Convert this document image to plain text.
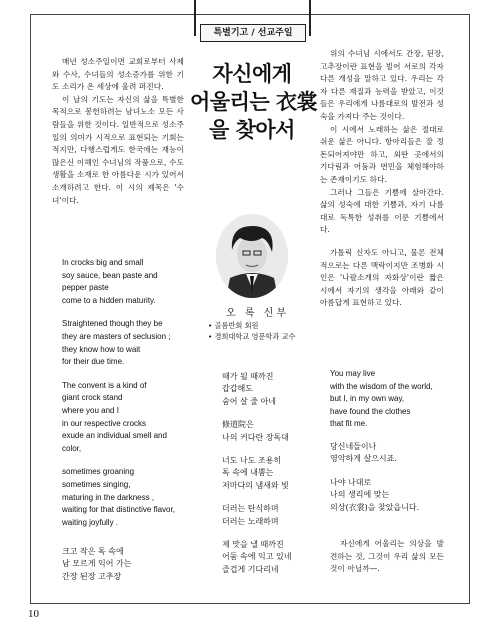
특별기고 / 선교주일
자신에게
어울리는 衣裳
을 찾아서
오 록 신부
• 골롬반회 회원
• 경희대학교 영문학과 교수

매년 성소주일이면 교회로부터 사제와 수사, 수녀들의 성소증가를 위한 기도 소리가 온 세상에 울려 퍼진다.

이 날의 기도는 자신의 삶을 특별한 목적으로 봉헌하려는 남녀노소 모든 사람들을 위한 것이다. 일반적으로 성소주일의 의미가 시적으로 표현되는 기회는 적지만, 다행스럽게도 한국에는 재능이 많은신 이해인 수녀님의 작품으로, 수도생활을 소재로 한 아름다운 시가 있어서 소개하려고 한다. 이 시의 제목은 '수녀'이다.

In crocks big and small
soy sauce, bean paste and
pepper paste
come to a hidden maturity.
Straightened though they be
they are masters of seclusion ;
they know how to wait
for their due time.
The convent is a kind of
giant crock stand
where you and I
in our respective crocks
exude an individual smell and
color,
sometimes groaning
sometimes singing,
maturing in the darkness ,
waiting for that distinctive flavor,
waiting joyfully .
크고 작은 독 속에
남 모르게 익어 가는
간장 된장 고추장
때가 될 때까진
갑갑해도
숨어 살 줄 아네
修道院은
나의 커다란 장독대
너도 나도 조용히
독 속에 내뿜는
저마다의 냄새와 빛
더러는 탄식하며
더러는 노래하며
제 맛을 낼 때까진
어둠 속에 익고 있네
즐겁게 기다리네

위의 수녀님 시에서도 간장, 된장, 고추장이란 표현을 빌어 서로의 각자 다른 개성을 말하고 있다. 우리는 각자 다른 재질과 능력을 받았고, 이것들은 우리에게 나름대로의 발전과 성숙을 가져다 주는 것이다.

이 시에서 노래하는 삶은 절대로 쉬운 삶은 아니다. 항아리들은 잘 정돈되어져야만 하고, 외딴 곳에서의 기다림과 어둠과 번민을 체험해야하는 존재이기도 하다.

그러나 그들은 기쁨에 살아간다. 삶의 성숙에 대한 기쁨과, 자기 나름대로 독특한 성취를 이룬 기쁨에서다.

가톨릭 신자도 아니고, 물론 전체적으로는 다른 맥락이지만 조병화 시인은 '나팔소개의 자화상'이란 짧은 시에서 자기의 생각을 아래와 같이 아름답게 표현하고 있다.

You may live
with the wisdom of the world,
but I, in my own way,
have found the clothes
that fit me.
당신네들이나
영악하게 살으시죠.
나야 나대로
나의 생리에 맞는
의상(衣裳)을 찾았읍니다.

자신에게 어울리는 의상을 발견하는 것, 그것이 우리 삶의 모든 것이 아닐까—.

10
